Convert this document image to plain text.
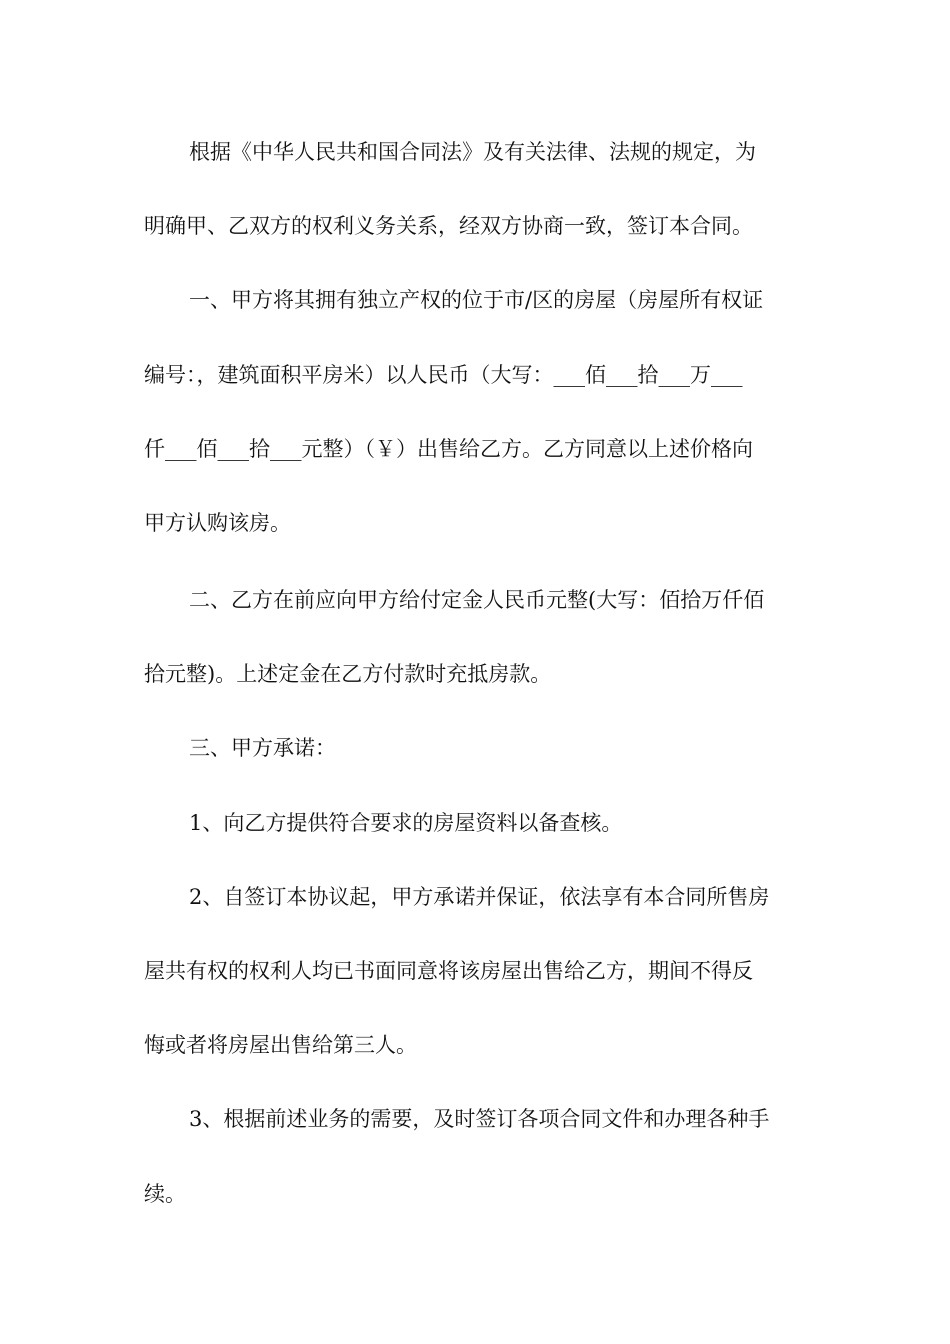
根据《中华人民共和国合同法》及有关法律、法规的规定，为
明确甲、乙双方的权利义务关系，经双方协商一致，签订本合同。
一、甲方将其拥有独立产权的位于市/区的房屋（房屋所有权证
编号：，建筑面积平房米）以人民币（大写：___佰___拾___万___
仟___佰___拾___元整）（￥）出售给乙方。乙方同意以上述价格向
甲方认购该房。
二、乙方在前应向甲方给付定金人民币元整(大写：佰拾万仟佰
拾元整)。上述定金在乙方付款时充抵房款。
三、甲方承诺：
1、向乙方提供符合要求的房屋资料以备查核。
2、自签订本协议起，甲方承诺并保证，依法享有本合同所售房
屋共有权的权利人均已书面同意将该房屋出售给乙方，期间不得反
悔或者将房屋出售给第三人。
3、根据前述业务的需要，及时签订各项合同文件和办理各种手
续。
